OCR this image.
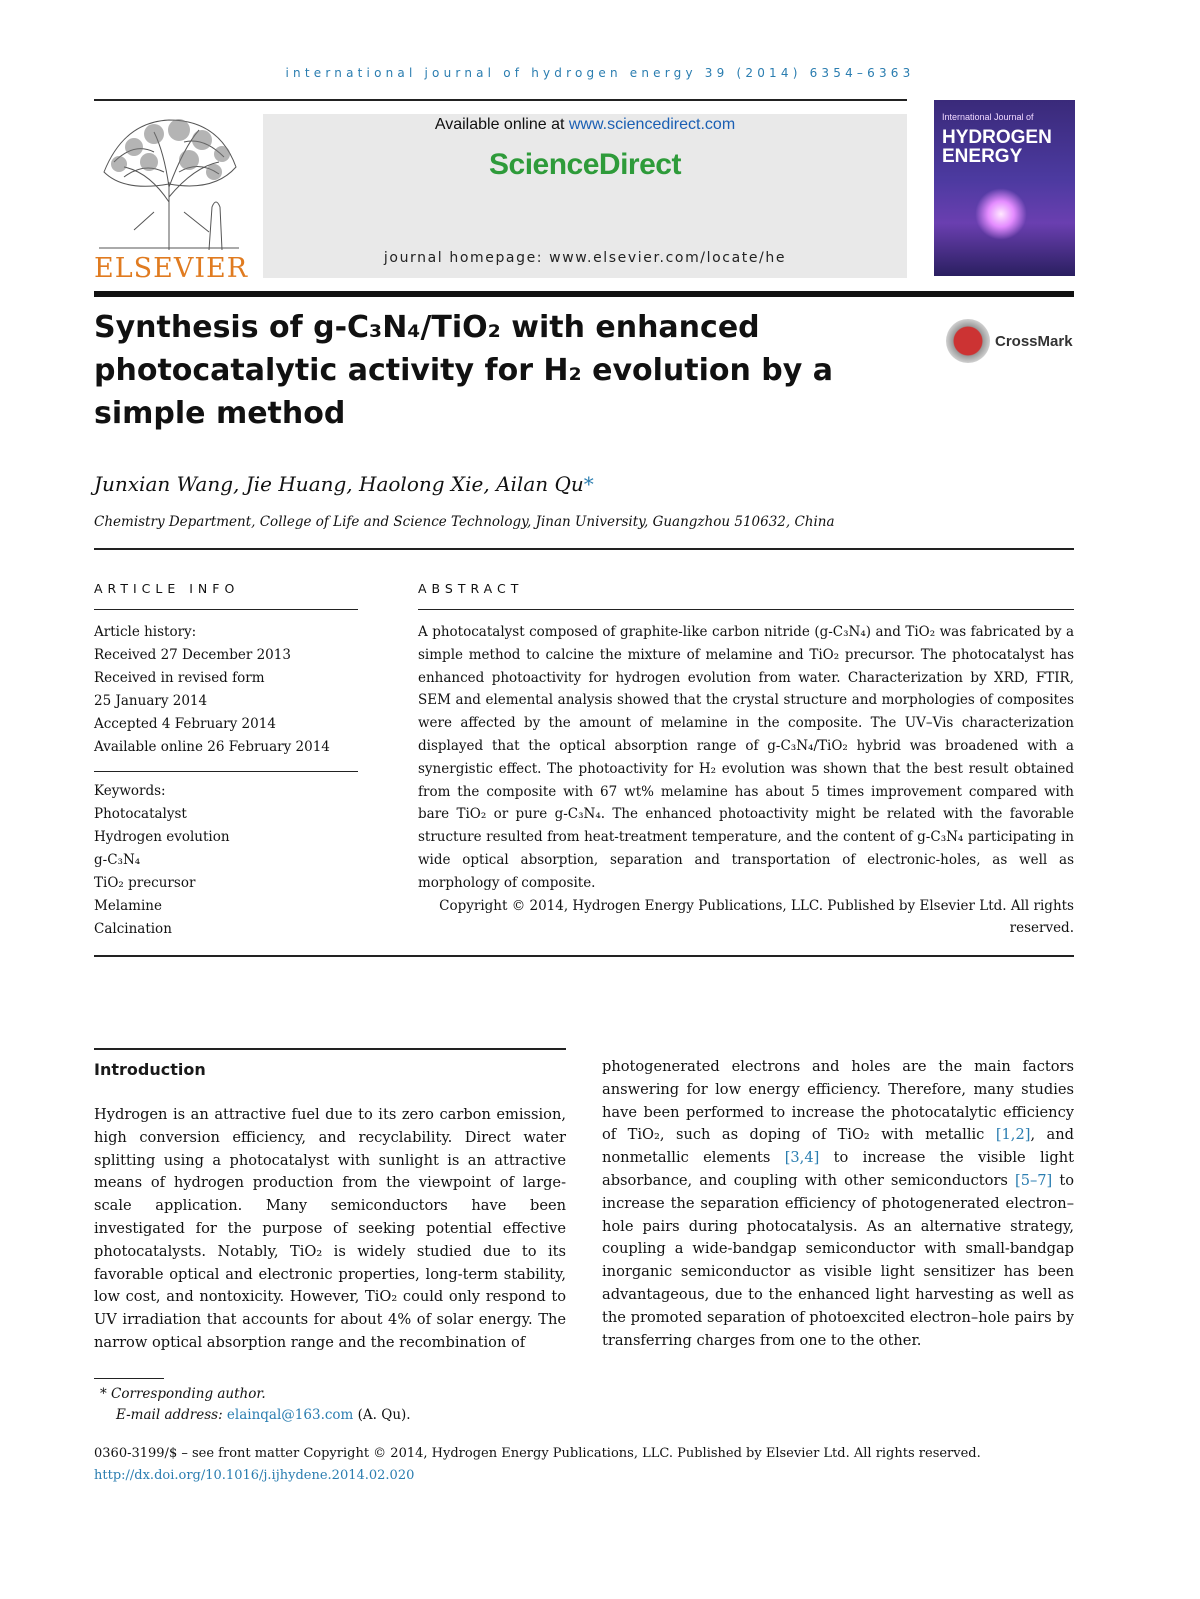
international journal of hydrogen energy 39 (2014) 6354–6363
ELSEVIER
Available online at www.sciencedirect.com
ScienceDirect
journal homepage: www.elsevier.com/locate/he
International Journal of
HYDROGEN ENERGY
Synthesis of g-C₃N₄/TiO₂ with enhanced photocatalytic activity for H₂ evolution by a simple method
CrossMark
Junxian Wang, Jie Huang, Haolong Xie, Ailan Qu*
Chemistry Department, College of Life and Science Technology, Jinan University, Guangzhou 510632, China
ARTICLE INFO
Article history:
Received 27 December 2013
Received in revised form
25 January 2014
Accepted 4 February 2014
Available online 26 February 2014
Keywords:
Photocatalyst
Hydrogen evolution
g-C₃N₄
TiO₂ precursor
Melamine
Calcination
ABSTRACT
A photocatalyst composed of graphite-like carbon nitride (g-C₃N₄) and TiO₂ was fabricated by a simple method to calcine the mixture of melamine and TiO₂ precursor. The photocatalyst has enhanced photoactivity for hydrogen evolution from water. Characterization by XRD, FTIR, SEM and elemental analysis showed that the crystal structure and morphologies of composites were affected by the amount of melamine in the composite. The UV–Vis characterization displayed that the optical absorption range of g-C₃N₄/TiO₂ hybrid was broadened with a synergistic effect. The photoactivity for H₂ evolution was shown that the best result obtained from the composite with 67 wt% melamine has about 5 times improvement compared with bare TiO₂ or pure g-C₃N₄. The enhanced photoactivity might be related with the favorable structure resulted from heat-treatment temperature, and the content of g-C₃N₄ participating in wide optical absorption, separation and transportation of electronic-holes, as well as morphology of composite.
Copyright © 2014, Hydrogen Energy Publications, LLC. Published by Elsevier Ltd. All rights reserved.
Introduction
Hydrogen is an attractive fuel due to its zero carbon emission, high conversion efficiency, and recyclability. Direct water splitting using a photocatalyst with sunlight is an attractive means of hydrogen production from the viewpoint of large-scale application. Many semiconductors have been investigated for the purpose of seeking potential effective photocatalysts. Notably, TiO₂ is widely studied due to its favorable optical and electronic properties, long-term stability, low cost, and nontoxicity. However, TiO₂ could only respond to UV irradiation that accounts for about 4% of solar energy. The narrow optical absorption range and the recombination of
photogenerated electrons and holes are the main factors answering for low energy efficiency. Therefore, many studies have been performed to increase the photocatalytic efficiency of TiO₂, such as doping of TiO₂ with metallic [1,2], and nonmetallic elements [3,4] to increase the visible light absorbance, and coupling with other semiconductors [5–7] to increase the separation efficiency of photogenerated electron–hole pairs during photocatalysis. As an alternative strategy, coupling a wide-bandgap semiconductor with small-bandgap inorganic semiconductor as visible light sensitizer has been advantageous, due to the enhanced light harvesting as well as the promoted separation of photoexcited electron–hole pairs by transferring charges from one to the other.
* Corresponding author.
E-mail address: elainqal@163.com (A. Qu).
0360-3199/$ – see front matter Copyright © 2014, Hydrogen Energy Publications, LLC. Published by Elsevier Ltd. All rights reserved.
http://dx.doi.org/10.1016/j.ijhydene.2014.02.020
